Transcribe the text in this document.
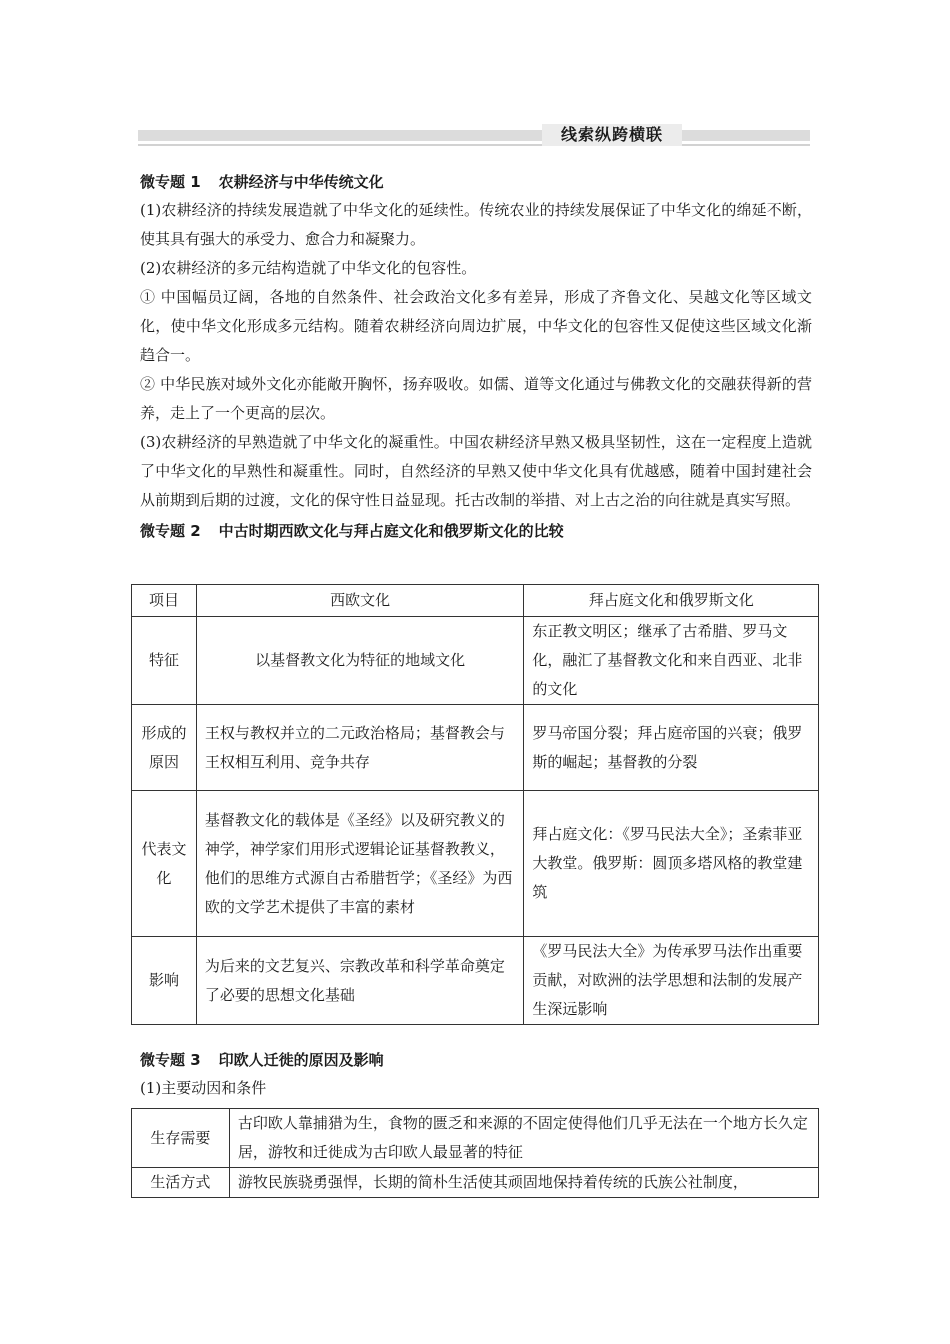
线索纵跨横联

微专题 1 农耕经济与中华传统文化

(1)农耕经济的持续发展造就了中华文化的延续性。传统农业的持续发展保证了中华文化的绵延不断，使其具有强大的承受力、愈合力和凝聚力。

(2)农耕经济的多元结构造就了中华文化的包容性。

① 中国幅员辽阔，各地的自然条件、社会政治文化多有差异，形成了齐鲁文化、吴越文化等区域文化，使中华文化形成多元结构。随着农耕经济向周边扩展，中华文化的包容性又促使这些区域文化渐趋合一。

② 中华民族对域外文化亦能敞开胸怀，扬弃吸收。如儒、道等文化通过与佛教文化的交融获得新的营养，走上了一个更高的层次。

(3)农耕经济的早熟造就了中华文化的凝重性。中国农耕经济早熟又极具坚韧性，这在一定程度上造就了中华文化的早熟性和凝重性。同时，自然经济的早熟又使中华文化具有优越感，随着中国封建社会从前期到后期的过渡，文化的保守性日益显现。托古改制的举措、对上古之治的向往就是真实写照。

微专题 2 中古时期西欧文化与拜占庭文化和俄罗斯文化的比较

项目	西欧文化	拜占庭文化和俄罗斯文化
特征	以基督教文化为特征的地域文化	东正教文明区；继承了古希腊、罗马文化，融汇了基督教文化和来自西亚、北非的文化
形成的原因	王权与教权并立的二元政治格局；基督教会与王权相互利用、竞争共存	罗马帝国分裂；拜占庭帝国的兴衰；俄罗斯的崛起；基督教的分裂
代表文化	基督教文化的载体是《圣经》以及研究教义的神学，神学家们用形式逻辑论证基督教教义，他们的思维方式源自古希腊哲学；《圣经》为西欧的文学艺术提供了丰富的素材	拜占庭文化：《罗马民法大全》；圣索菲亚大教堂。俄罗斯：圆顶多塔风格的教堂建筑
影响	为后来的文艺复兴、宗教改革和科学革命奠定了必要的思想文化基础	《罗马民法大全》为传承罗马法作出重要贡献，对欧洲的法学思想和法制的发展产生深远影响

微专题 3 印欧人迁徙的原因及影响

(1)主要动因和条件

生存需要	古印欧人靠捕猎为生，食物的匮乏和来源的不固定使得他们几乎无法在一个地方长久定居，游牧和迁徙成为古印欧人最显著的特征
生活方式	游牧民族骁勇强悍，长期的简朴生活使其顽固地保持着传统的氏族公社制度，
